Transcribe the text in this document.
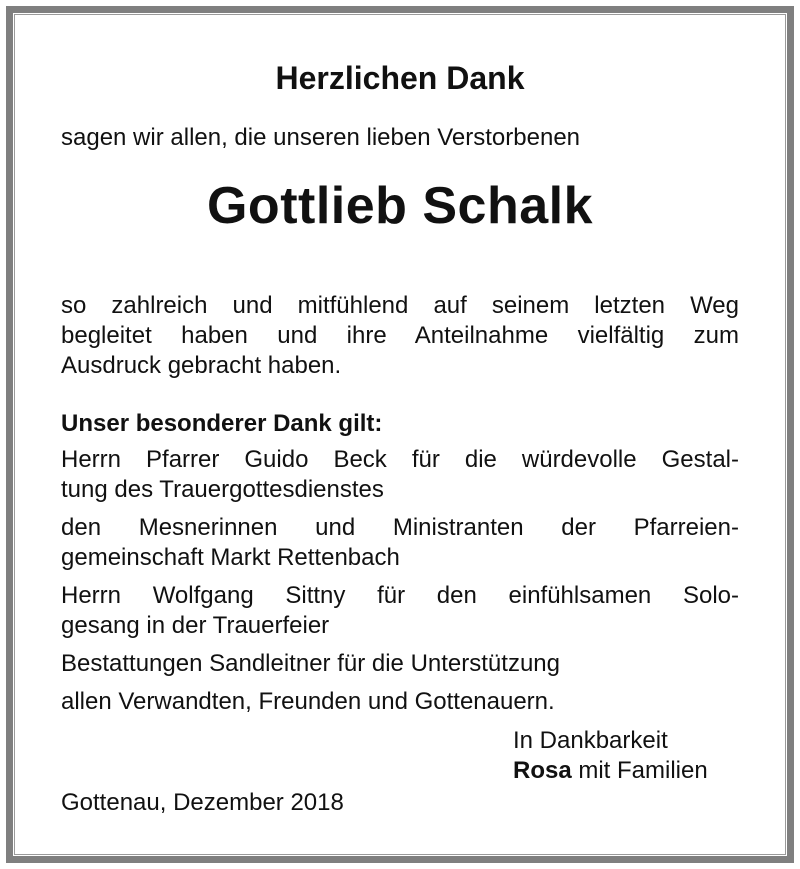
Herzlichen Dank

sagen wir allen, die unseren lieben Verstorbenen

Gottlieb Schalk

so zahlreich und mitfühlend auf seinem letzten Weg
begleitet haben und ihre Anteilnahme vielfältig zum
Ausdruck gebracht haben.

Unser besonderer Dank gilt:

Herrn Pfarrer Guido Beck für die würdevolle Gestal-
tung des Trauergottesdienstes
den Mesnerinnen und Ministranten der Pfarreien-
gemeinschaft Markt Rettenbach
Herrn Wolfgang Sittny für den einfühlsamen Solo-
gesang in der Trauerfeier
Bestattungen Sandleitner für die Unterstützung
allen Verwandten, Freunden und Gottenauern.
In Dankbarkeit
Rosa mit Familien
Gottenau, Dezember 2018
